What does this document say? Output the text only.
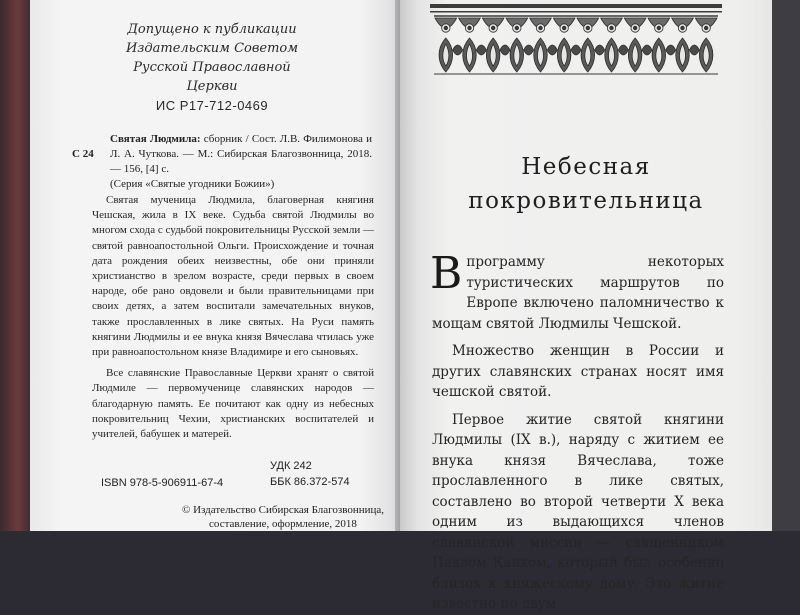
Допущено к публикации
Издательским Советом
Русской Православной Церкви
ИС Р17-712-0469
С 24

Святая Людмила: сборник / Сост. Л.В. Филимонова и Л. А. Чуткова. — М.: Сибирская Благозвонница, 2018. — 156, [4] с.

(Серия «Святые угодники Божии»)

Святая мученица Людмила, благоверная княгиня Чешская, жила в IX веке. Судьба святой Людмилы во многом схода с судьбой покровительницы Русской земли — святой равноапостольной Ольги. Происхождение и точная дата рождения обеих неизвестны, обе они приняли христианство в зрелом возрасте, среди первых в своем народе, обе рано овдовели и были правительницами при своих детях, а затем воспитали замечательных внуков, также прославленных в лике святых. На Руси память княгини Людмилы и ее внука князя Вячеслава чтилась уже при равноапостольном князе Владимире и его сыновьях.

Все славянские Православные Церкви хранят о святой Людмиле — первомученице славянских народов — благодарную память. Ее почитают как одну из небесных покровительниц Чехии, христианских воспитателей и учителей, бабушек и матерей.

УДК 242
ББК 86.372-574
ISBN 978-5-906911-67-4
© Издательство Сибирская Благозвонница,
составление, оформление, 2018
Небесная
покровительница

В программу некоторых туристических маршрутов по Европе включено паломничество к мощам святой Людмилы Чешской.

Множество женщин в России и других славянских странах носят имя чешской святой.

Первое житие святой княгини Людмилы (IX в.), наряду с житием ее внука князя Вячеслава, тоже прославленного в лике святых, составлено во второй четверти X века одним из выдающихся членов славянской миссии — священником Павлом Каихом, который был особенно близок к княжескому дому. Это житие известно по двум
